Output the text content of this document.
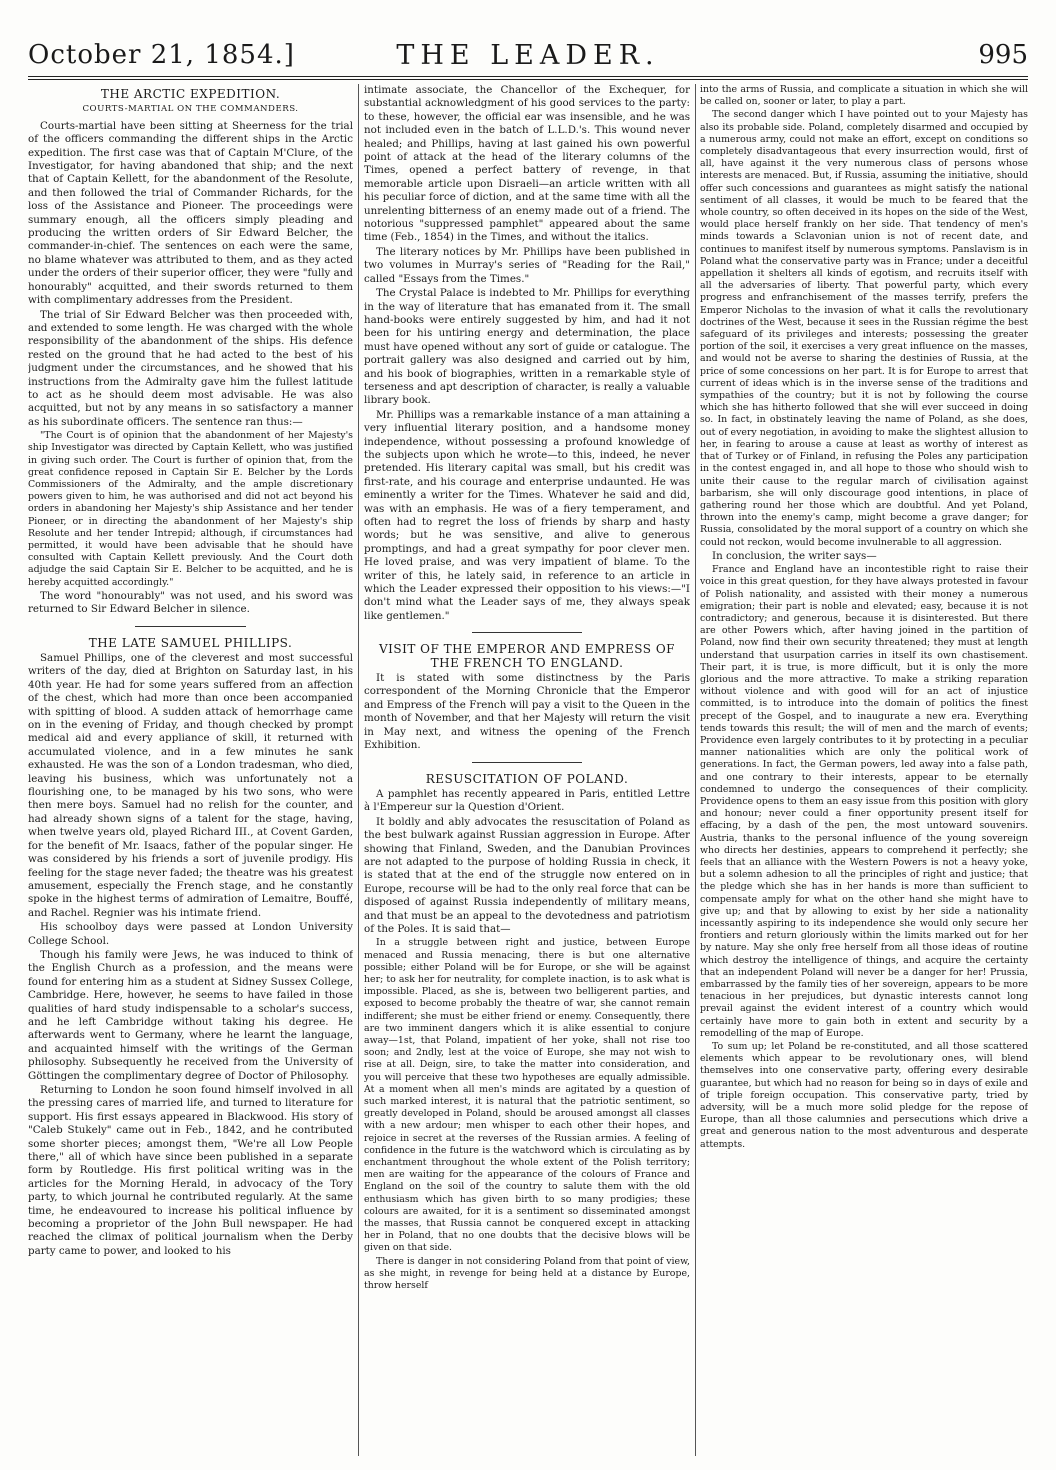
October 21, 1854.]	THE LEADER.	995
THE ARCTIC EXPEDITION.
COURTS-MARTIAL ON THE COMMANDERS.

Courts-martial have been sitting at Sheerness for the trial of the officers commanding the different ships in the Arctic expedition. The first case was that of Captain M'Clure, of the Investigator, for having abandoned that ship; and the next that of Captain Kellett, for the abandonment of the Resolute, and then followed the trial of Commander Richards, for the loss of the Assistance and Pioneer. The proceedings were summary enough, all the officers simply pleading and producing the written orders of Sir Edward Belcher, the commander-in-chief. The sentences on each were the same, no blame whatever was attributed to them, and as they acted under the orders of their superior officer, they were "fully and honourably" acquitted, and their swords returned to them with complimentary addresses from the President.

The trial of Sir Edward Belcher was then proceeded with, and extended to some length. He was charged with the whole responsibility of the abandonment of the ships. His defence rested on the ground that he had acted to the best of his judgment under the circumstances, and he showed that his instructions from the Admiralty gave him the fullest latitude to act as he should deem most advisable. He was also acquitted, but not by any means in so satisfactory a manner as his subordinate officers. The sentence ran thus:—

"The Court is of opinion that the abandonment of her Majesty's ship Investigator was directed by Captain Kellett, who was justified in giving such order. The Court is further of opinion that, from the great confidence reposed in Captain Sir E. Belcher by the Lords Commissioners of the Admiralty, and the ample discretionary powers given to him, he was authorised and did not act beyond his orders in abandoning her Majesty's ship Assistance and her tender Pioneer, or in directing the abandonment of her Majesty's ship Resolute and her tender Intrepid; although, if circumstances had permitted, it would have been advisable that he should have consulted with Captain Kellett previously. And the Court doth adjudge the said Captain Sir E. Belcher to be acquitted, and he is hereby acquitted accordingly."

The word "honourably" was not used, and his sword was returned to Sir Edward Belcher in silence.

THE LATE SAMUEL PHILLIPS.

Samuel Phillips, one of the cleverest and most successful writers of the day, died at Brighton on Saturday last, in his 40th year. He had for some years suffered from an affection of the chest, which had more than once been accompanied with spitting of blood. A sudden attack of hemorrhage came on in the evening of Friday, and though checked by prompt medical aid and every appliance of skill, it returned with accumulated violence, and in a few minutes he sank exhausted. He was the son of a London tradesman, who died, leaving his business, which was unfortunately not a flourishing one, to be managed by his two sons, who were then mere boys. Samuel had no relish for the counter, and had already shown signs of a talent for the stage, having, when twelve years old, played Richard III., at Covent Garden, for the benefit of Mr. Isaacs, father of the popular singer. He was considered by his friends a sort of juvenile prodigy. His feeling for the stage never faded; the theatre was his greatest amusement, especially the French stage, and he constantly spoke in the highest terms of admiration of Lemaitre, Bouffé, and Rachel. Regnier was his intimate friend.

His schoolboy days were passed at London University College School.

Though his family were Jews, he was induced to think of the English Church as a profession, and the means were found for entering him as a student at Sidney Sussex College, Cambridge. Here, however, he seems to have failed in those qualities of hard study indispensable to a scholar's success, and he left Cambridge without taking his degree. He afterwards went to Germany, where he learnt the language, and acquainted himself with the writings of the German philosophy. Subsequently he received from the University of Göttingen the complimentary degree of Doctor of Philosophy.

Returning to London he soon found himself involved in all the pressing cares of married life, and turned to literature for support. His first essays appeared in Blackwood. His story of "Caleb Stukely" came out in Feb., 1842, and he contributed some shorter pieces; amongst them, "We're all Low People there," all of which have since been published in a separate form by Routledge. His first political writing was in the articles for the Morning Herald, in advocacy of the Tory party, to which journal he contributed regularly. At the same time, he endeavoured to increase his political influence by becoming a proprietor of the John Bull newspaper. He had reached the climax of political journalism when the Derby party came to power, and looked to his

intimate associate, the Chancellor of the Exchequer, for substantial acknowledgment of his good services to the party: to these, however, the official ear was insensible, and he was not included even in the batch of L.L.D.'s. This wound never healed; and Phillips, having at last gained his own powerful point of attack at the head of the literary columns of the Times, opened a perfect battery of revenge, in that memorable article upon Disraeli—an article written with all his peculiar force of diction, and at the same time with all the unrelenting bitterness of an enemy made out of a friend. The notorious "suppressed pamphlet" appeared about the same time (Feb., 1854) in the Times, and without the italics.

The literary notices by Mr. Phillips have been published in two volumes in Murray's series of "Reading for the Rail," called "Essays from the Times."

The Crystal Palace is indebted to Mr. Phillips for everything in the way of literature that has emanated from it. The small hand-books were entirely suggested by him, and had it not been for his untiring energy and determination, the place must have opened without any sort of guide or catalogue. The portrait gallery was also designed and carried out by him, and his book of biographies, written in a remarkable style of terseness and apt description of character, is really a valuable library book.

Mr. Phillips was a remarkable instance of a man attaining a very influential literary position, and a handsome money independence, without possessing a profound knowledge of the subjects upon which he wrote—to this, indeed, he never pretended. His literary capital was small, but his credit was first-rate, and his courage and enterprise undaunted. He was eminently a writer for the Times. Whatever he said and did, was with an emphasis. He was of a fiery temperament, and often had to regret the loss of friends by sharp and hasty words; but he was sensitive, and alive to generous promptings, and had a great sympathy for poor clever men. He loved praise, and was very impatient of blame. To the writer of this, he lately said, in reference to an article in which the Leader expressed their opposition to his views:—"I don't mind what the Leader says of me, they always speak like gentlemen."

VISIT OF THE EMPEROR AND EMPRESS OF THE FRENCH TO ENGLAND.

It is stated with some distinctness by the Paris correspondent of the Morning Chronicle that the Emperor and Empress of the French will pay a visit to the Queen in the month of November, and that her Majesty will return the visit in May next, and witness the opening of the French Exhibition.

RESUSCITATION OF POLAND.

A pamphlet has recently appeared in Paris, entitled Lettre à l'Empereur sur la Question d'Orient.

It boldly and ably advocates the resuscitation of Poland as the best bulwark against Russian aggression in Europe. After showing that Finland, Sweden, and the Danubian Provinces are not adapted to the purpose of holding Russia in check, it is stated that at the end of the struggle now entered on in Europe, recourse will be had to the only real force that can be disposed of against Russia independently of military means, and that must be an appeal to the devotedness and patriotism of the Poles. It is said that—

In a struggle between right and justice, between Europe menaced and Russia menacing, there is but one alternative possible; either Poland will be for Europe, or she will be against her; to ask her for neutrality, for complete inaction, is to ask what is impossible. Placed, as she is, between two belligerent parties, and exposed to become probably the theatre of war, she cannot remain indifferent; she must be either friend or enemy. Consequently, there are two imminent dangers which it is alike essential to conjure away—1st, that Poland, impatient of her yoke, shall not rise too soon; and 2ndly, lest at the voice of Europe, she may not wish to rise at all. Deign, sire, to take the matter into consideration, and you will perceive that these two hypotheses are equally admissible. At a moment when all men's minds are agitated by a question of such marked interest, it is natural that the patriotic sentiment, so greatly developed in Poland, should be aroused amongst all classes with a new ardour; men whisper to each other their hopes, and rejoice in secret at the reverses of the Russian armies. A feeling of confidence in the future is the watchword which is circulating as by enchantment throughout the whole extent of the Polish territory; men are waiting for the appearance of the colours of France and England on the soil of the country to salute them with the old enthusiasm which has given birth to so many prodigies; these colours are awaited, for it is a sentiment so disseminated amongst the masses, that Russia cannot be conquered except in attacking her in Poland, that no one doubts that the decisive blows will be given on that side.

There is danger in not considering Poland from that point of view, as she might, in revenge for being held at a distance by Europe, throw herself

into the arms of Russia, and complicate a situation in which she will be called on, sooner or later, to play a part.

The second danger which I have pointed out to your Majesty has also its probable side. Poland, completely disarmed and occupied by a numerous army, could not make an effort, except on conditions so completely disadvantageous that every insurrection would, first of all, have against it the very numerous class of persons whose interests are menaced. But, if Russia, assuming the initiative, should offer such concessions and guarantees as might satisfy the national sentiment of all classes, it would be much to be feared that the whole country, so often deceived in its hopes on the side of the West, would place herself frankly on her side. That tendency of men's minds towards a Sclavonian union is not of recent date, and continues to manifest itself by numerous symptoms. Panslavism is in Poland what the conservative party was in France; under a deceitful appellation it shelters all kinds of egotism, and recruits itself with all the adversaries of liberty. That powerful party, which every progress and enfranchisement of the masses terrify, prefers the Emperor Nicholas to the invasion of what it calls the revolutionary doctrines of the West, because it sees in the Russian régime the best safeguard of its privileges and interests; possessing the greater portion of the soil, it exercises a very great influence on the masses, and would not be averse to sharing the destinies of Russia, at the price of some concessions on her part. It is for Europe to arrest that current of ideas which is in the inverse sense of the traditions and sympathies of the country; but it is not by following the course which she has hitherto followed that she will ever succeed in doing so. In fact, in obstinately leaving the name of Poland, as she does, out of every negotiation, in avoiding to make the slightest allusion to her, in fearing to arouse a cause at least as worthy of interest as that of Turkey or of Finland, in refusing the Poles any participation in the contest engaged in, and all hope to those who should wish to unite their cause to the regular march of civilisation against barbarism, she will only discourage good intentions, in place of gathering round her those which are doubtful. And yet Poland, thrown into the enemy's camp, might become a grave danger; for Russia, consolidated by the moral support of a country on which she could not reckon, would become invulnerable to all aggression.

In conclusion, the writer says—

France and England have an incontestible right to raise their voice in this great question, for they have always protested in favour of Polish nationality, and assisted with their money a numerous emigration; their part is noble and elevated; easy, because it is not contradictory; and generous, because it is disinterested. But there are other Powers which, after having joined in the partition of Poland, now find their own security threatened; they must at length understand that usurpation carries in itself its own chastisement. Their part, it is true, is more difficult, but it is only the more glorious and the more attractive. To make a striking reparation without violence and with good will for an act of injustice committed, is to introduce into the domain of politics the finest precept of the Gospel, and to inaugurate a new era. Everything tends towards this result; the will of men and the march of events; Providence even largely contributes to it by protecting in a peculiar manner nationalities which are only the political work of generations. In fact, the German powers, led away into a false path, and one contrary to their interests, appear to be eternally condemned to undergo the consequences of their complicity. Providence opens to them an easy issue from this position with glory and honour; never could a finer opportunity present itself for effacing, by a dash of the pen, the most untoward souvenirs. Austria, thanks to the personal influence of the young sovereign who directs her destinies, appears to comprehend it perfectly; she feels that an alliance with the Western Powers is not a heavy yoke, but a solemn adhesion to all the principles of right and justice; that the pledge which she has in her hands is more than sufficient to compensate amply for what on the other hand she might have to give up; and that by allowing to exist by her side a nationality incessantly aspiring to its independence she would only secure her frontiers and return gloriously within the limits marked out for her by nature. May she only free herself from all those ideas of routine which destroy the intelligence of things, and acquire the certainty that an independent Poland will never be a danger for her! Prussia, embarrassed by the family ties of her sovereign, appears to be more tenacious in her prejudices, but dynastic interests cannot long prevail against the evident interest of a country which would certainly have more to gain both in extent and security by a remodelling of the map of Europe.

To sum up; let Poland be re-constituted, and all those scattered elements which appear to be revolutionary ones, will blend themselves into one conservative party, offering every desirable guarantee, but which had no reason for being so in days of exile and of triple foreign occupation. This conservative party, tried by adversity, will be a much more solid pledge for the repose of Europe, than all those calumnies and persecutions which drive a great and generous nation to the most adventurous and desperate attempts.
